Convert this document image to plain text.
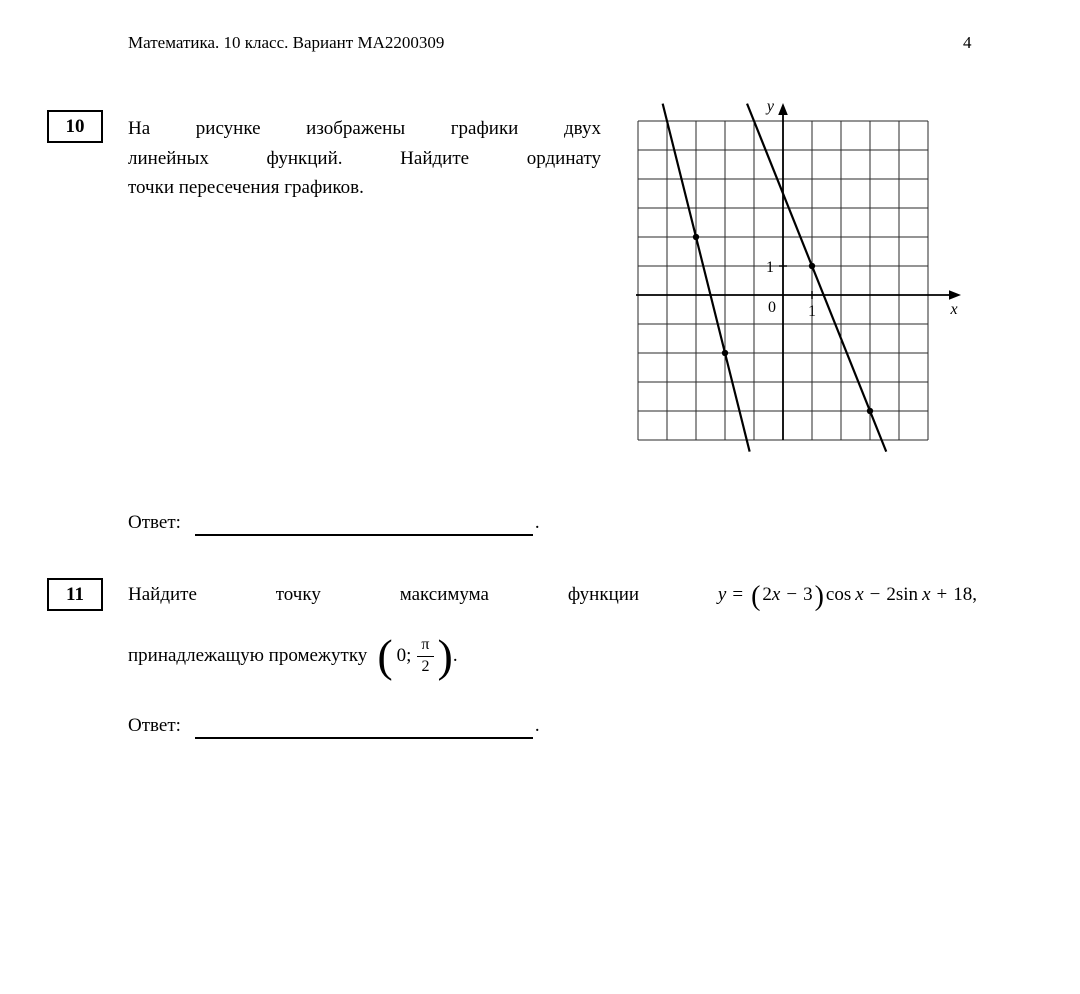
Математика. 10 класс. Вариант МА2200309	4
10 На рисунке изображены графики двух
линейных функций. Найдите ординату
точки пересечения графиков.
y
x
0
1
1
Ответ:	.
11 Найдите	точку	максимума	функции	y = ( 2x − 3) cos x − 2sin x + 18,
принадлежащую промежутку ( 0; $\frac{\pi}{2}$ ) .
Ответ:	.
